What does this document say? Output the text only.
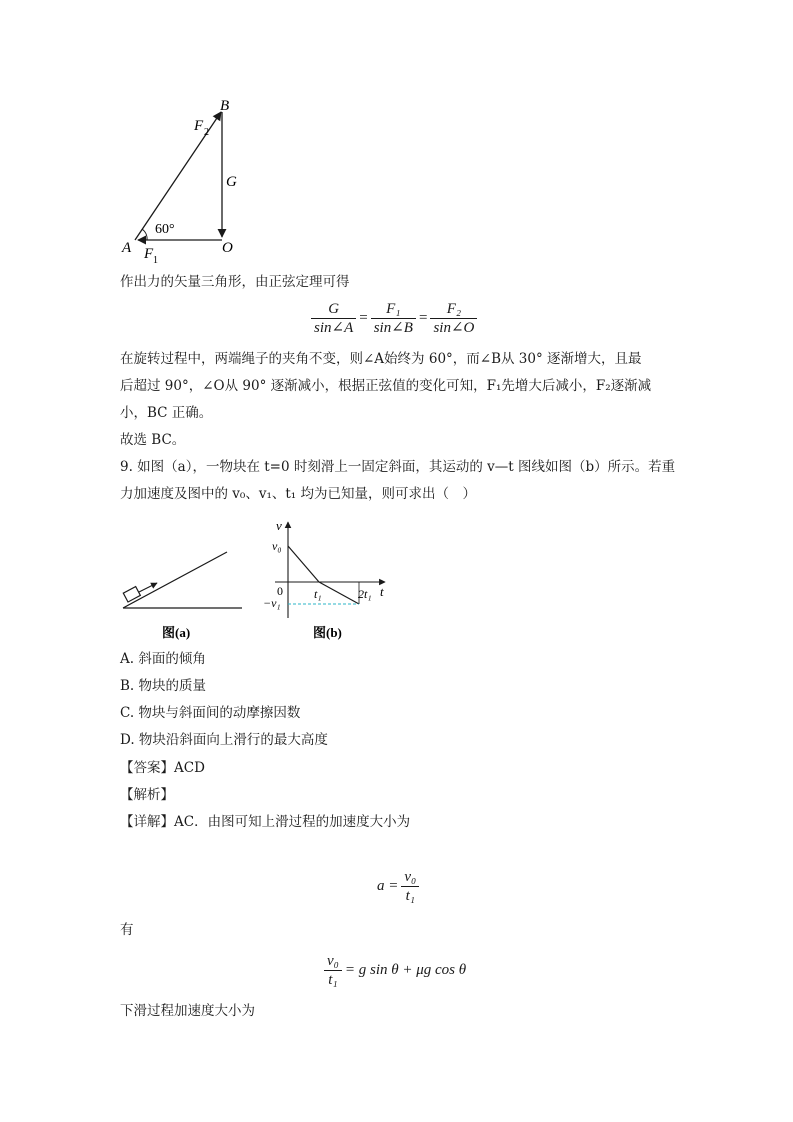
B
F 2
G
60°
A	O
F 1
作出力的矢量三角形，由正弦定理可得
$\frac{G}{\sin\angle A} = \frac{\text{F₁}}{\sin\angle B} = \frac{\text{F₂}}{\sin\angle O}$
在旋转过程中，两端绳子的夹角不变，则∠A始终为 60°，而∠B从 30° 逐渐增大，且最
后超过 90°，∠O从 90° 逐渐减小，根据正弦值的变化可知，F₁先增大后减小，F₂逐渐减
小，BC 正确。
故选 BC。
9. 如图（a），一物块在 t=0 时刻滑上一固定斜面，其运动的 v—t 图线如图（b）所示。若重
力加速度及图中的 v₀、v₁、t₁ 均为已知量，则可求出（　）
图(a)
v
v₀
0	t₁	2t₁ t
−v₁
图(b)
A. 斜面的倾角
B. 物块的质量
C. 物块与斜面间的动摩擦因数
D. 物块沿斜面向上滑行的最大高度
【答案】ACD
【解析】
【详解】AC．由图可知上滑过程的加速度大小为
$a = \frac{\text{v₀}}{\text{t₁}}$
有
$\frac{\text{v₀}}{\text{t₁}} = g$ sin θ + μg cos θ
下滑过程加速度大小为
